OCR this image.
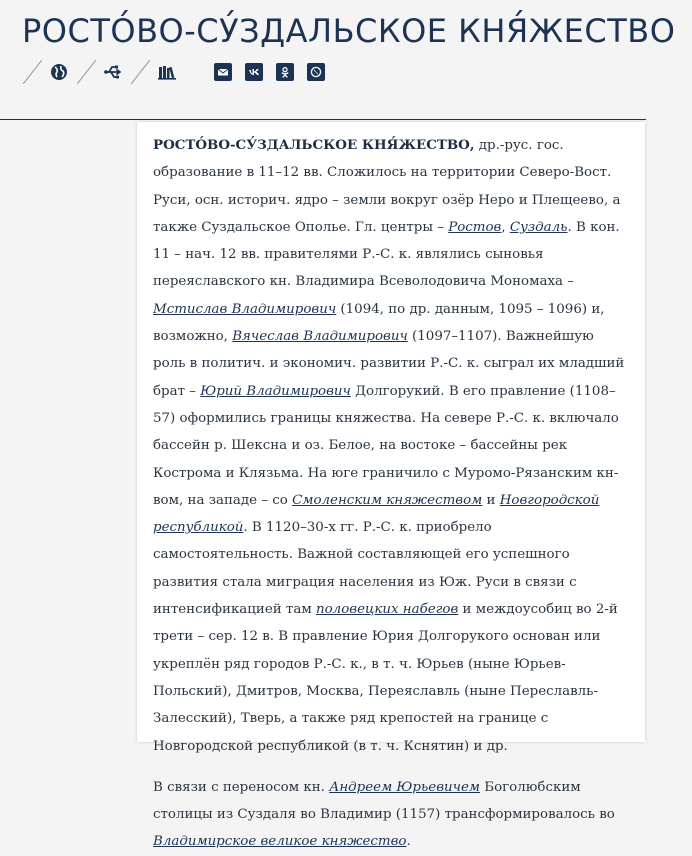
РОСТО́ВО-СУ́ЗДАЛЬСКОЕ КНЯ́ЖЕСТВО

РОСТО́ВО-СУ́ЗДАЛЬСКОЕ КНЯ́ЖЕСТВО, др.-рус. гос. образование в 11–12 вв. Сложилось на территории Северо-Вост. Руси, осн. историч. ядро – земли вокруг озёр Неро и Плещеево, а также Суздальское Ополье. Гл. центры – Ростов, Суздаль. В кон. 11 – нач. 12 вв. правителями Р.-С. к. являлись сыновья переяславского кн. Владимира Всеволодовича Мономаха – Мстислав Владимирович (1094, по др. данным, 1095 – 1096) и, возможно, Вячеслав Владимирович (1097–1107). Важнейшую роль в политич. и экономич. развитии Р.-С. к. сыграл их младший брат – Юрий Владимирович Долгорукий. В его правление (1108–57) оформились границы княжества. На севере Р.-С. к. включало бассейн р. Шексна и оз. Белое, на востоке – бассейны рек Кострома и Клязьма. На юге граничило с Муромо-Рязанским кн-вом, на западе – со Смоленским княжеством и Новгородской республикой. В 1120–30-х гг. Р.-С. к. приобрело самостоятельность. Важной составляющей его успешного развития стала миграция населения из Юж. Руси в связи с интенсификацией там половецких набегов и междоусобиц во 2-й трети – сер. 12 в. В правление Юрия Долгорукого основан или укреплён ряд городов Р.-С. к., в т. ч. Юрьев (ныне Юрьев-Польский), Дмитров, Москва, Переяславль (ныне Переславль-Залесский), Тверь, а также ряд крепостей на границе с Новгородской республикой (в т. ч. Кснятин) и др.

В связи с переносом кн. Андреем Юрьевичем Боголюбским столицы из Суздаля во Владимир (1157) трансформировалось во Владимирское великое княжество.
